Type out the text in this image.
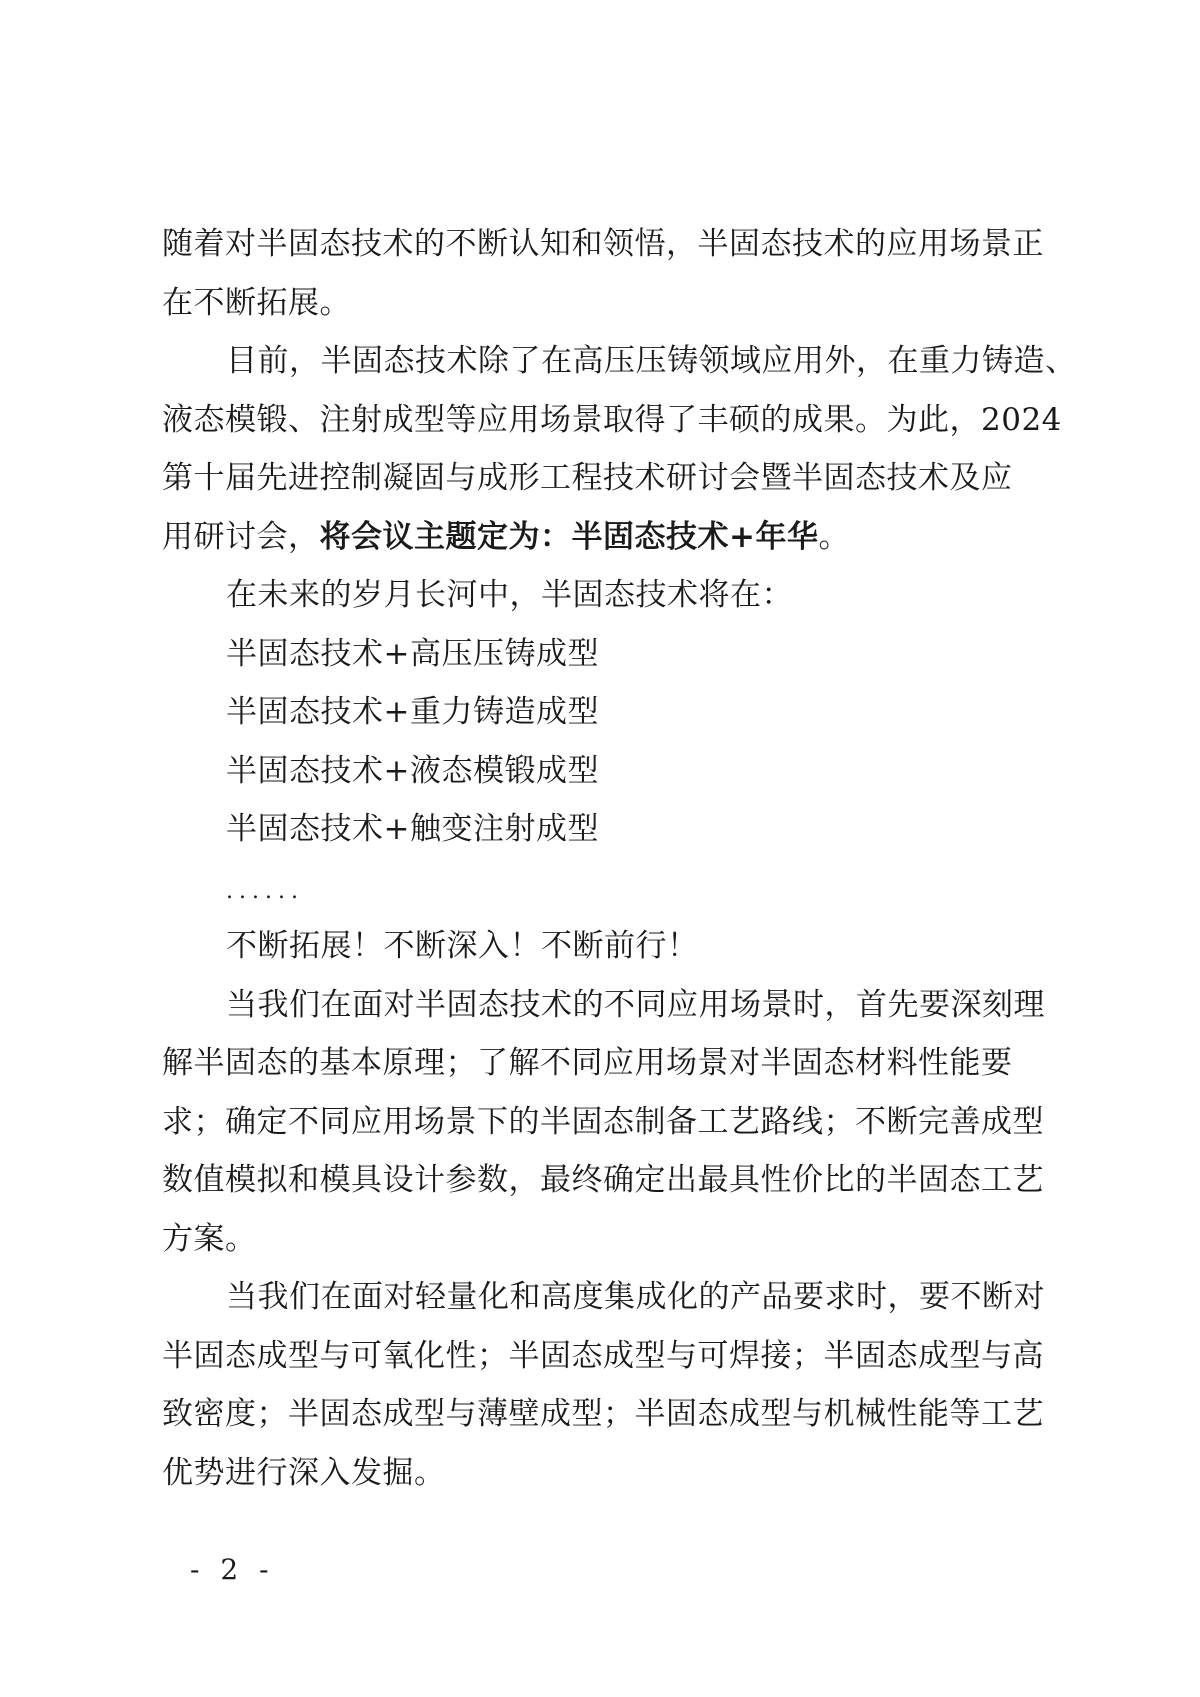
随着对半固态技术的不断认知和领悟，半固态技术的应用场景正
在不断拓展。
目前，半固态技术除了在高压压铸领域应用外，在重力铸造、
液态模锻、注射成型等应用场景取得了丰硕的成果。为此，2024
第十届先进控制凝固与成形工程技术研讨会暨半固态技术及应
用研讨会，将会议主题定为：半固态技术+年华。
在未来的岁月长河中，半固态技术将在：
半固态技术+高压压铸成型
半固态技术+重力铸造成型
半固态技术+液态模锻成型
半固态技术+触变注射成型
......
不断拓展！不断深入！不断前行！
当我们在面对半固态技术的不同应用场景时，首先要深刻理
解半固态的基本原理；了解不同应用场景对半固态材料性能要
求；确定不同应用场景下的半固态制备工艺路线；不断完善成型
数值模拟和模具设计参数，最终确定出最具性价比的半固态工艺
方案。
当我们在面对轻量化和高度集成化的产品要求时，要不断对
半固态成型与可氧化性；半固态成型与可焊接；半固态成型与高
致密度；半固态成型与薄壁成型；半固态成型与机械性能等工艺
优势进行深入发掘。
- 2 -
